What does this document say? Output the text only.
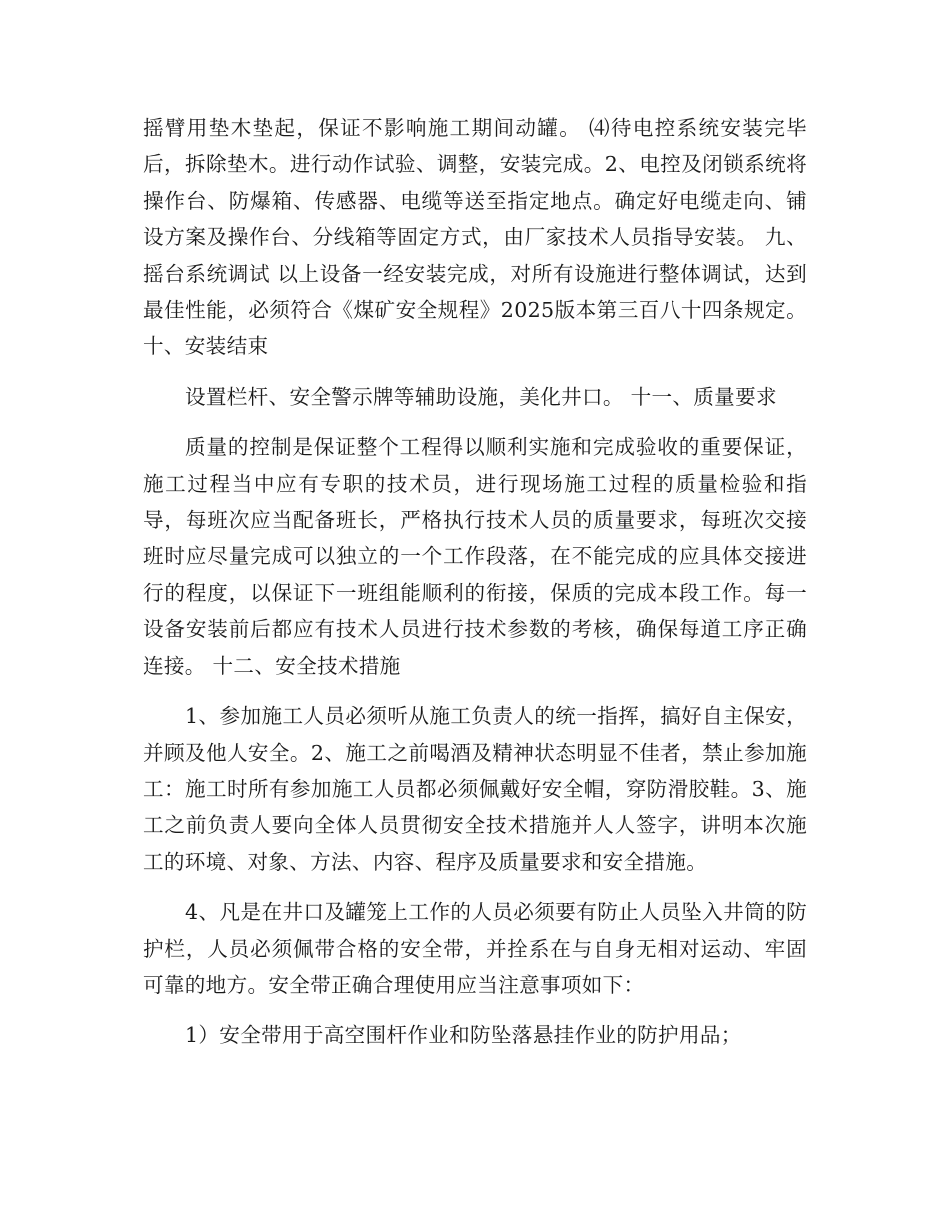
摇臂用垫木垫起，保证不影响施工期间动罐。 ⑷待电控系统安装完毕后，拆除垫木。进行动作试验、调整，安装完成。2、电控及闭锁系统将操作台、防爆箱、传感器、电缆等送至指定地点。确定好电缆走向、铺设方案及操作台、分线箱等固定方式，由厂家技术人员指导安装。 九、摇台系统调试 以上设备一经安装完成，对所有设施进行整体调试，达到最佳性能，必须符合《煤矿安全规程》2025版本第三百八十四条规定。 十、安装结束

设置栏杆、安全警示牌等辅助设施，美化井口。 十一、质量要求

质量的控制是保证整个工程得以顺利实施和完成验收的重要保证，施工过程当中应有专职的技术员，进行现场施工过程的质量检验和指导，每班次应当配备班长，严格执行技术人员的质量要求，每班次交接班时应尽量完成可以独立的一个工作段落，在不能完成的应具体交接进行的程度，以保证下一班组能顺利的衔接，保质的完成本段工作。每一设备安装前后都应有技术人员进行技术参数的考核，确保每道工序正确连接。 十二、安全技术措施

1、参加施工人员必须听从施工负责人的统一指挥，搞好自主保安，并顾及他人安全。2、施工之前喝酒及精神状态明显不佳者，禁止参加施工：施工时所有参加施工人员都必须佩戴好安全帽，穿防滑胶鞋。3、施工之前负责人要向全体人员贯彻安全技术措施并人人签字，讲明本次施工的环境、对象、方法、内容、程序及质量要求和安全措施。

4、凡是在井口及罐笼上工作的人员必须要有防止人员坠入井筒的防护栏，人员必须佩带合格的安全带，并拴系在与自身无相对运动、牢固可靠的地方。安全带正确合理使用应当注意事项如下：

1）安全带用于高空围杆作业和防坠落悬挂作业的防护用品；
